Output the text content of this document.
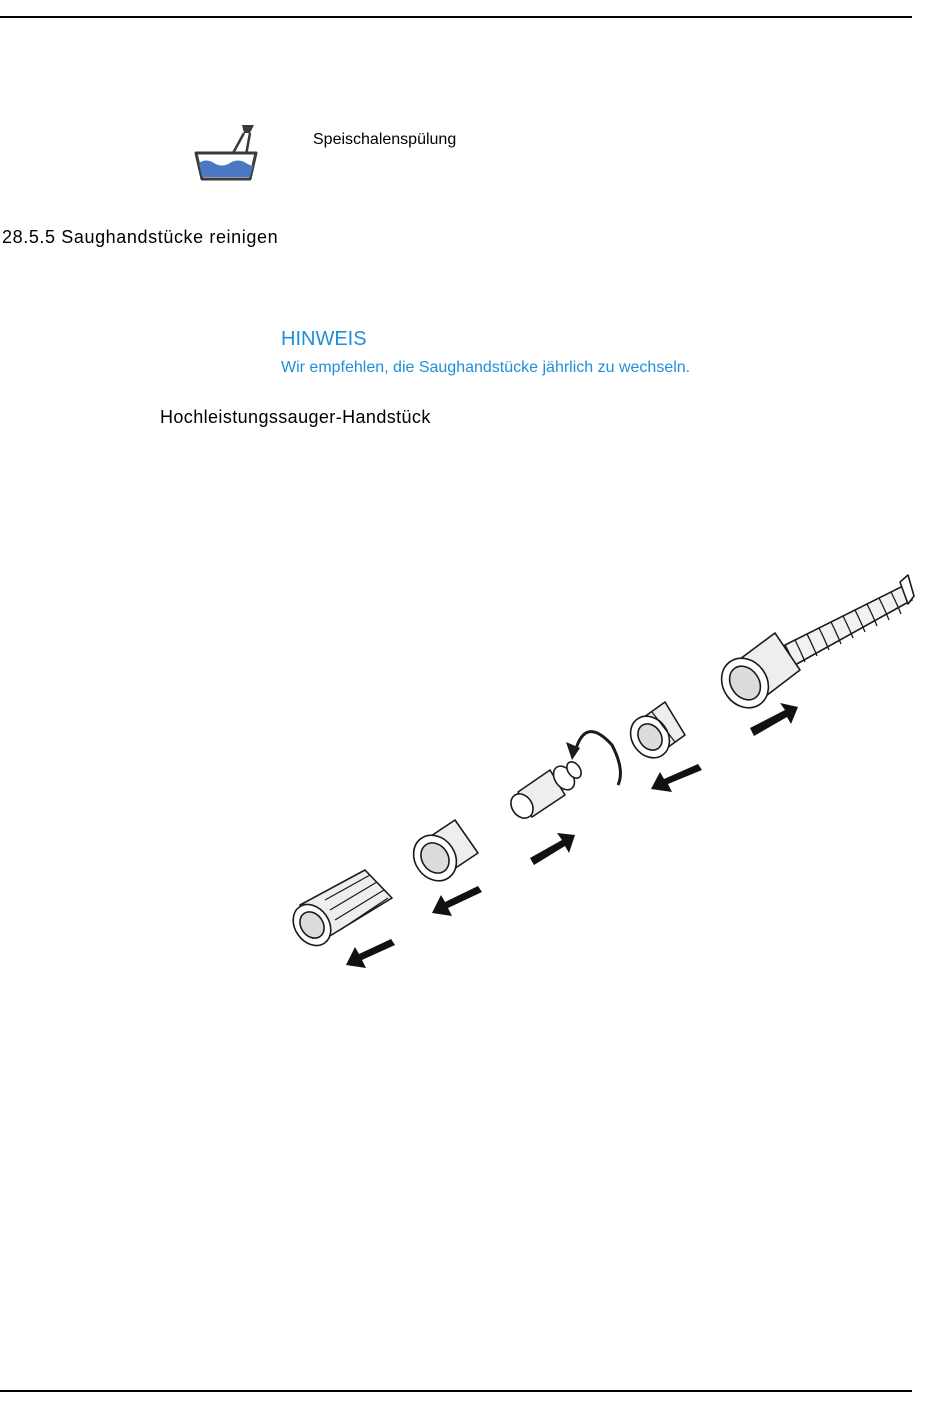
Speischalenspülung
28.5.5 Saughandstücke reinigen
HINWEIS
Wir empfehlen, die Saughandstücke jährlich zu wechseln.
Hochleistungssauger-Handstück
